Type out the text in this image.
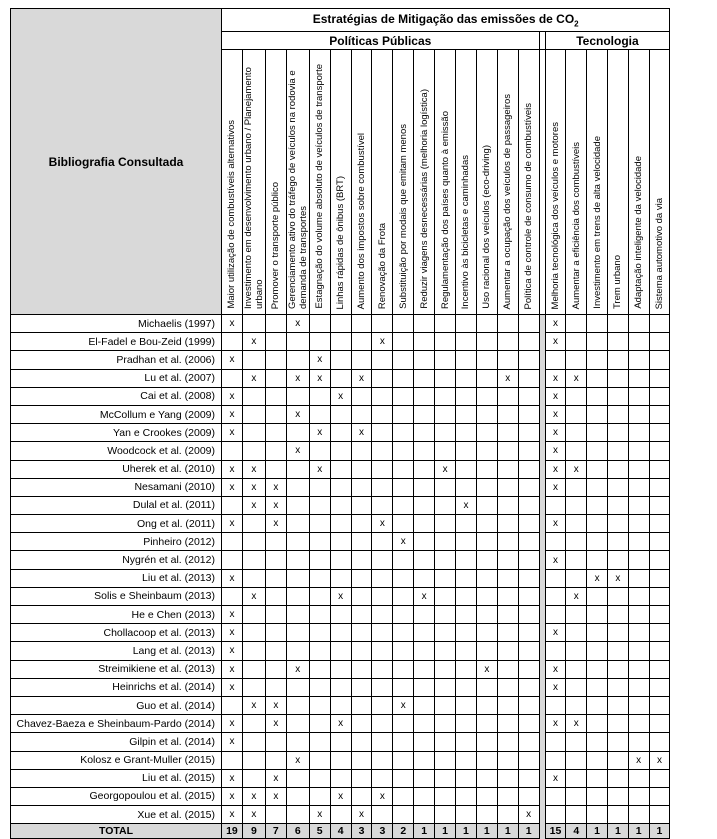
Bibliografia Consultada	Estratégias de Mitigação das emissões de $CO_2$
	Políticas Públicas																Tecnologia					
	Maior utilização de combustíveis alternativos	Investimento em desenvolvimento urbano / Planejamento urbano	Promover o transporte público	Gerenciamento ativo do tráfego de veículos na rodovia e demanda de transportes	Estagnação do volume absoluto de veículos de transporte	Linhas rápidas de ônibus (BRT)	Aumento dos impostos sobre combustível	Renovação da Frota	Substituição por modais que emitam menos	Reduzir viagens desnecessárias (melhoria logística)	Regulamentação dos países quanto à emissão	Incentivo às bicicletas e caminhadas	Uso racional dos veículos (eco-driving)	Aumentar a ocupação dos veículos de passageiros	Política de controle de consumo de combustíveis		Melhoria tecnológica dos veículos e motores	Aumentar a eficiência dos combustíveis	Investimento em trens de alta velocidade	Trem urbano	Adaptação inteligente da velocidade	Sistema automotivo da via
Michaelis (1997)	x			x													x					
El-Fadel e Bou-Zeid (1999)		x						x									x					
Pradhan et al. (2006)	x				x																	
Lu et al. (2007)		x		x	x		x							x			x	x				
Cai et al. (2008)	x					x											x					
McCollum e Yang (2009)	x			x													x					
Yan e Crookes (2009)	x				x		x										x					
Woodcock et al. (2009)				x													x					
Uherek et al. (2010)	x	x			x						x						x	x				
Nesamani (2010)	x	x	x														x					
Dulal et al. (2011)		x	x									x										
Ong et al. (2011)	x		x					x									x					
Pinheiro (2012)									x													
Nygrén et al. (2012)																	x					
Liu et al. (2013)	x																		x	x		
Solis e Sheinbaum (2013)		x				x				x								x				
He e Chen (2013)	x																					
Chollacoop et al. (2013)	x																x					
Lang et al. (2013)	x																					
Streimikiene et al. (2013)	x			x									x				x					
Heinrichs et al. (2014)	x																x					
Guo et al. (2014)		x	x						x													
Chavez-Baeza e Sheinbaum-Pardo (2014)	x		x			x											x	x				
Gilpin et al. (2014)	x																					
Kolosz e Grant-Muller (2015)				x																	x	x
Liu et al. (2015)	x		x														x					
Georgopoulou et al. (2015)	x	x	x			x		x														
Xue et al. (2015)	x	x			x		x								x							
TOTAL	19	9	7	6	5	4	3	3	2	1	1	1	1	1	1		15	4	1	1	1	1
